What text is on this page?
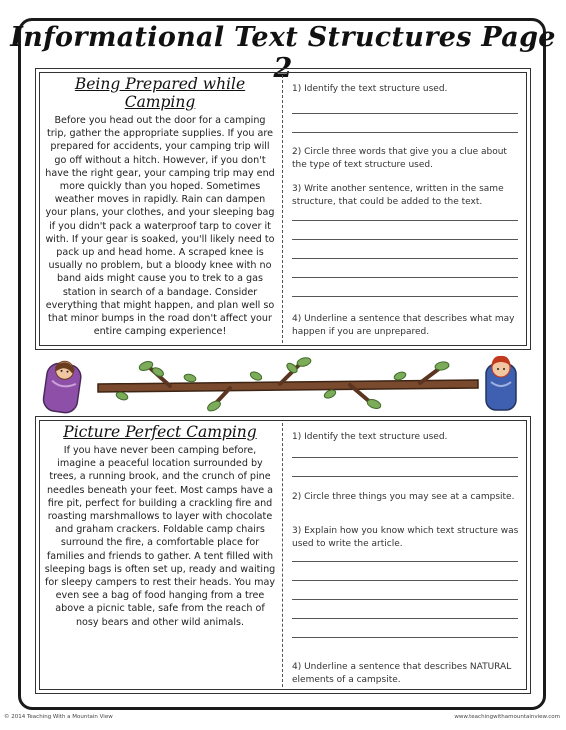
Informational Text Structures Page 2
Being Prepared while Camping
Before you head out the door for a camping trip, gather the appropriate supplies. If you are prepared for accidents, your camping trip will go off without a hitch. However, if you don't have the right gear, your camping trip may end more quickly than you hoped. Sometimes weather moves in rapidly. Rain can dampen your plans, your clothes, and your sleeping bag if you didn't pack a waterproof tarp to cover it with. If your gear is soaked, you'll likely need to pack up and head home. A scraped knee is usually no problem, but a bloody knee with no band aids might cause you to trek to a gas station in search of a bandage. Consider everything that might happen, and plan well so that minor bumps in the road don't affect your entire camping experience!
1) Identify the text structure used.
2) Circle three words that give you a clue about the type of text structure used.
3) Write another sentence, written in the same structure, that could be added to the text.
4) Underline a sentence that describes what may happen if you are unprepared.
Picture Perfect Camping
If you have never been camping before, imagine a peaceful location surrounded by trees, a running brook, and the crunch of pine needles beneath your feet. Most camps have a fire pit, perfect for building a crackling fire and roasting marshmallows to layer with chocolate and graham crackers. Foldable camp chairs surround the fire, a comfortable place for families and friends to gather. A tent filled with sleeping bags is often set up, ready and waiting for sleepy campers to rest their heads. You may even see a bag of food hanging from a tree above a picnic table, safe from the reach of nosy bears and other wild animals.
1) Identify the text structure used.
2) Circle three things you may see at a campsite.
3) Explain how you know which text structure was used to write the article.
4) Underline a sentence that describes NATURAL elements of a campsite.
© 2014 Teaching With a Mountain View	www.teachingwithamountainview.com
